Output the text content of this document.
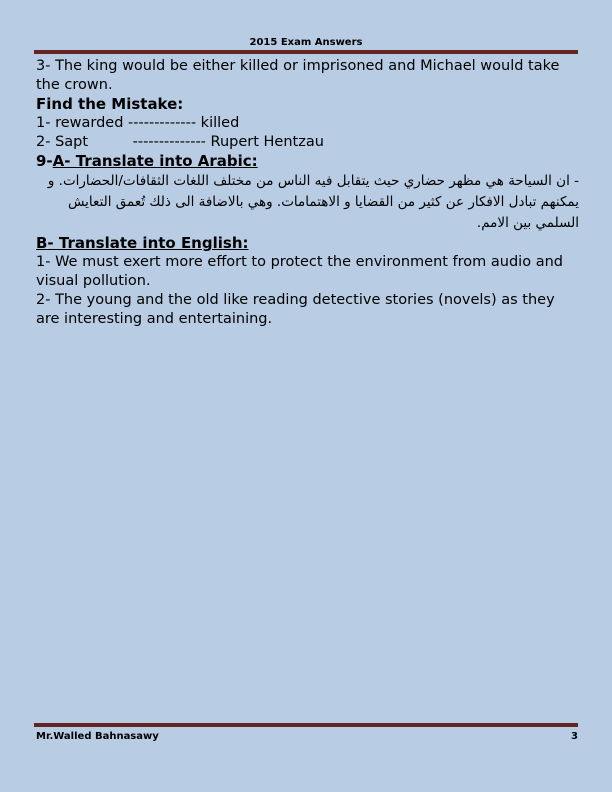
2015 Exam Answers

3- The king would be either killed or imprisoned and Michael would take the crown.

Find the Mistake:

1- rewarded ------------- killed

2- Sapt	-------------- Rupert Hentzau

9-A- Translate into Arabic:

- ان السياحة هي مظهر حضاري حيث يتقابل فيه الناس من مختلف اللغات الثقافات/الحضارات. و يمكنهم تبادل الافكار عن كثير من القضايا و الاهتمامات. وهي بالاضافة الى ذلك تُعمق التعايش السلمي بين الامم.

B- Translate into English:

1- We must exert more effort to protect the environment from audio and visual pollution.

2- The young and the old like reading detective stories (novels) as they are interesting and entertaining.

Mr.Walled Bahnasawy	3
